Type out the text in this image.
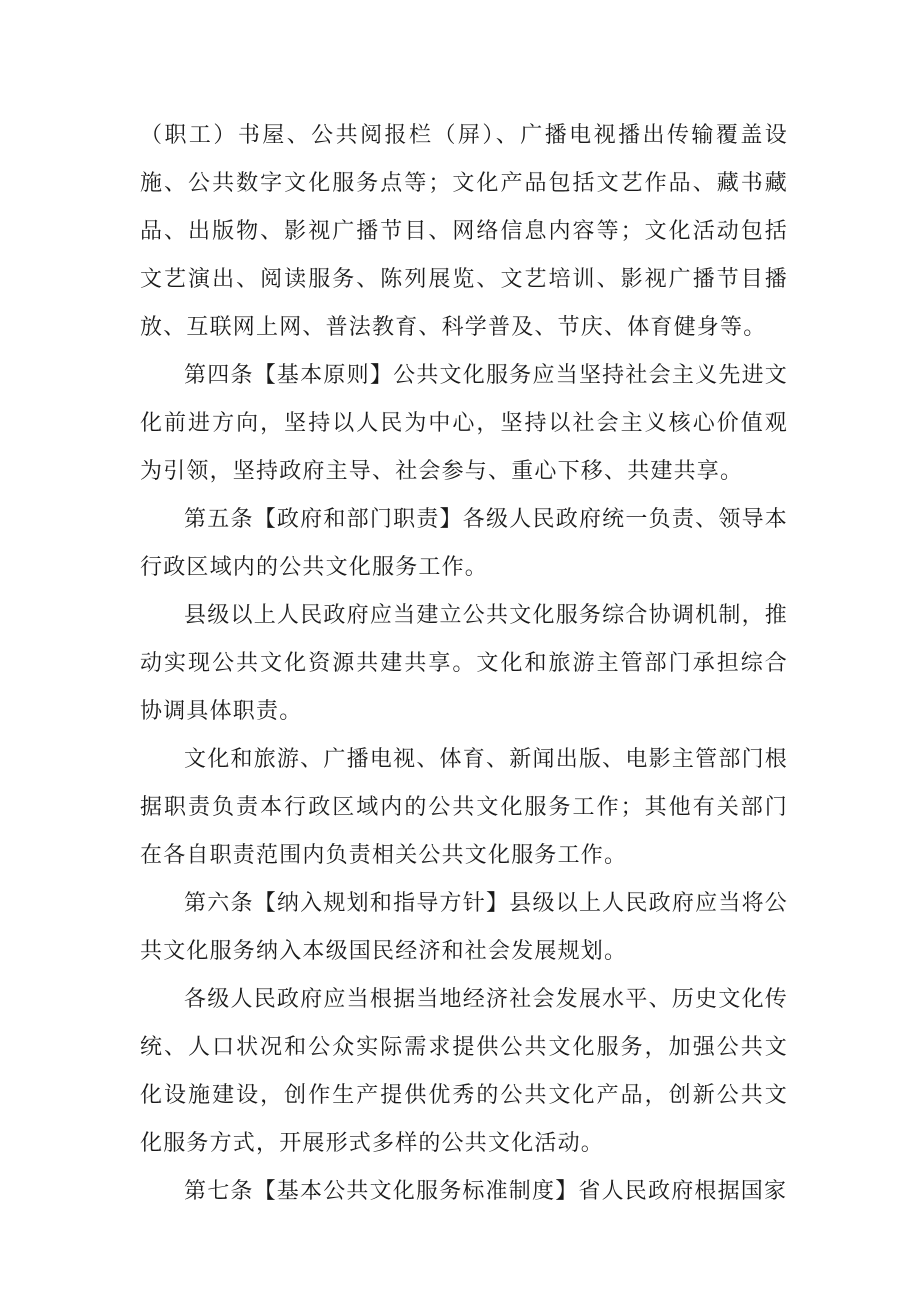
（职工）书屋、公共阅报栏（屏）、广播电视播出传输覆盖设施、公共数字文化服务点等；文化产品包括文艺作品、藏书藏品、出版物、影视广播节目、网络信息内容等；文化活动包括文艺演出、阅读服务、陈列展览、文艺培训、影视广播节目播放、互联网上网、普法教育、科学普及、节庆、体育健身等。

第四条【基本原则】公共文化服务应当坚持社会主义先进文化前进方向，坚持以人民为中心，坚持以社会主义核心价值观为引领，坚持政府主导、社会参与、重心下移、共建共享。

第五条【政府和部门职责】各级人民政府统一负责、领导本行政区域内的公共文化服务工作。

县级以上人民政府应当建立公共文化服务综合协调机制，推动实现公共文化资源共建共享。文化和旅游主管部门承担综合协调具体职责。

文化和旅游、广播电视、体育、新闻出版、电影主管部门根据职责负责本行政区域内的公共文化服务工作；其他有关部门在各自职责范围内负责相关公共文化服务工作。

第六条【纳入规划和指导方针】县级以上人民政府应当将公共文化服务纳入本级国民经济和社会发展规划。

各级人民政府应当根据当地经济社会发展水平、历史文化传统、人口状况和公众实际需求提供公共文化服务，加强公共文化设施建设，创作生产提供优秀的公共文化产品，创新公共文化服务方式，开展形式多样的公共文化活动。

第七条【基本公共文化服务标准制度】省人民政府根据国家
